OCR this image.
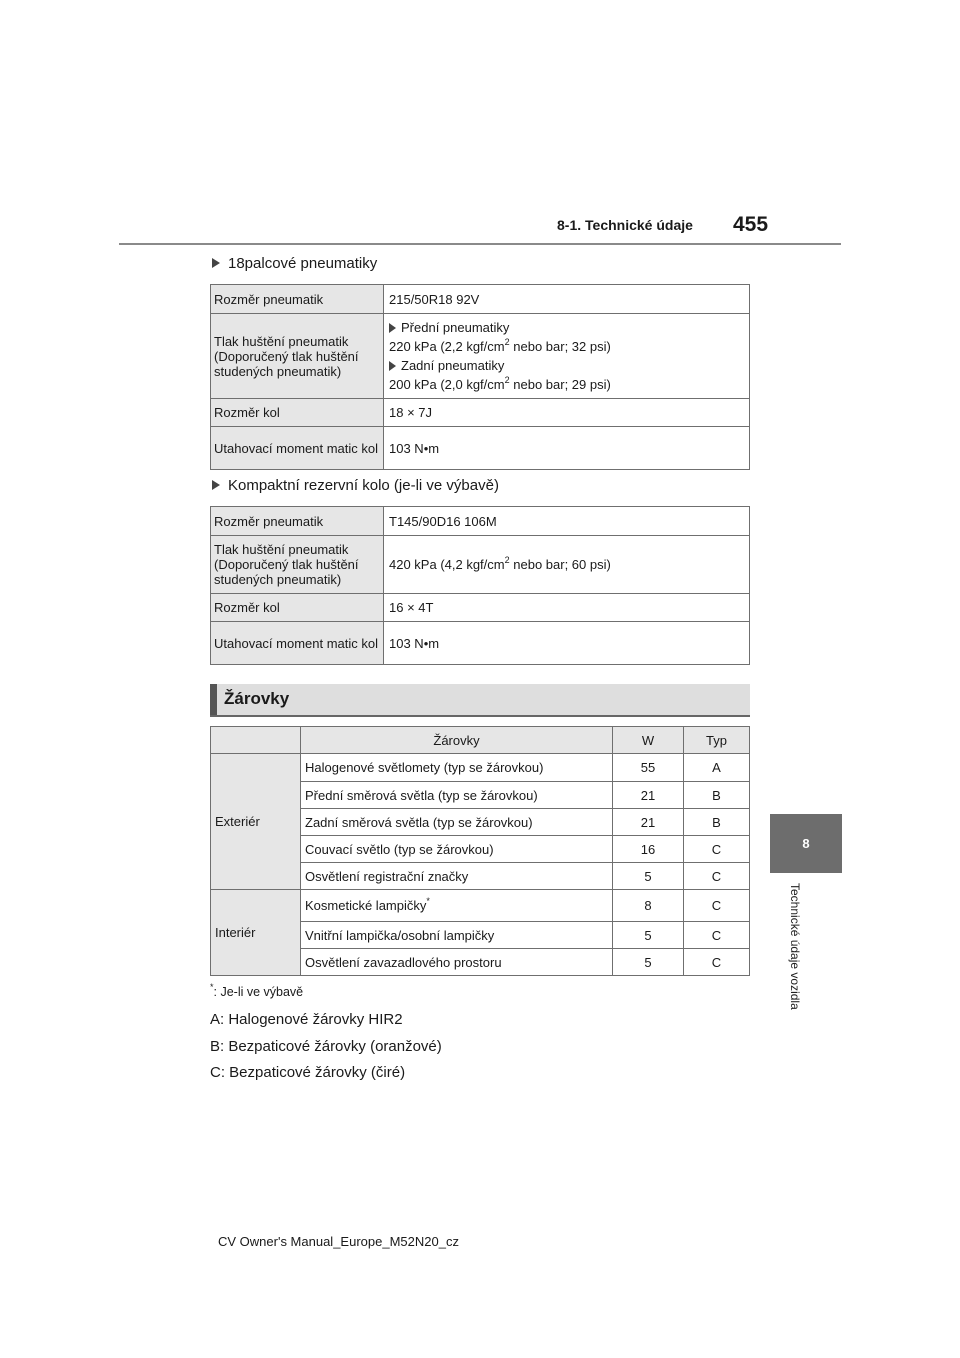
8-1. Technické údaje 455
8
Technické údaje vozidla
18palcové pneumatiky
Rozměr pneumatik	215/50R18 92V
Tlak huštění pneumatik (Doporučený tlak huštění studených pneumatik)	Přední pneumatiky
220 kPa (2,2 kgf/$cm^2$ nebo bar; 32 psi)
Zadní pneumatiky
200 kPa (2,0 kgf/$cm^2$ nebo bar; 29 psi)

Rozměr kol	18 × 7J
Utahovací moment matic kol	103 N•m
Kompaktní rezervní kolo (je-li ve výbavě)
Rozměr pneumatik	T145/90D16 106M
Tlak huštění pneumatik (Doporučený tlak huštění studených pneumatik)	420 kPa (4,2 kgf/$cm^2$ nebo bar; 60 psi)
Rozměr kol	16 × 4T
Utahovací moment matic kol	103 N•m
Žárovky
	Žárovky	W	Typ
Exteriér	Halogenové světlomety (typ se žárovkou)	55	A
	Přední směrová světla (typ se žárovkou)	21	B
	Zadní směrová světla (typ se žárovkou)	21	B
	Couvací světlo (typ se žárovkou)	16	C
	Osvětlení registrační značky	5	C
Interiér	Kosmetické lampičky*	8	C
	Vnitřní lampička/osobní lampičky	5	C
	Osvětlení zavazadlového prostoru	5	C
*: Je-li ve výbavě
A: Halogenové žárovky HIR2
B: Bezpaticové žárovky (oranžové)
C: Bezpaticové žárovky (čiré)
CV Owner's Manual_Europe_M52N20_cz
